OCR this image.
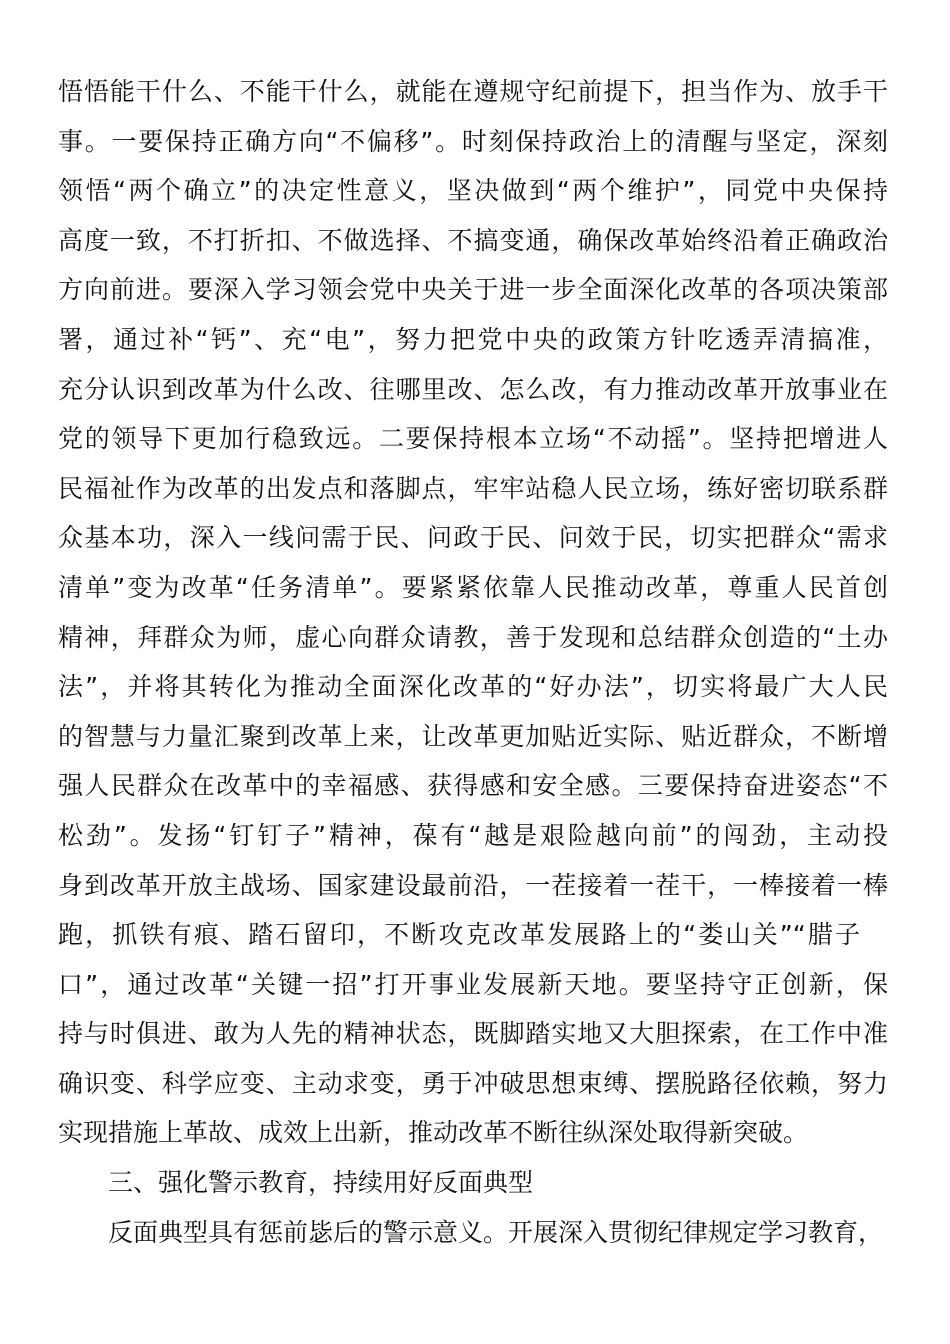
悟悟能干什么、不能干什么，就能在遵规守纪前提下，担当作为、放手干
事。一要保持正确方向“不偏移”。时刻保持政治上的清醒与坚定，深刻
领悟“两个确立”的决定性意义，坚决做到“两个维护”，同党中央保持
高度一致，不打折扣、不做选择、不搞变通，确保改革始终沿着正确政治
方向前进。要深入学习领会党中央关于进一步全面深化改革的各项决策部
署，通过补“钙”、充“电”，努力把党中央的政策方针吃透弄清搞准，
充分认识到改革为什么改、往哪里改、怎么改，有力推动改革开放事业在
党的领导下更加行稳致远。二要保持根本立场“不动摇”。坚持把增进人
民福祉作为改革的出发点和落脚点，牢牢站稳人民立场，练好密切联系群
众基本功，深入一线问需于民、问政于民、问效于民，切实把群众“需求
清单”变为改革“任务清单”。要紧紧依靠人民推动改革，尊重人民首创
精神，拜群众为师，虚心向群众请教，善于发现和总结群众创造的“土办
法”，并将其转化为推动全面深化改革的“好办法”，切实将最广大人民
的智慧与力量汇聚到改革上来，让改革更加贴近实际、贴近群众，不断增
强人民群众在改革中的幸福感、获得感和安全感。三要保持奋进姿态“不
松劲”。发扬“钉钉子”精神，葆有“越是艰险越向前”的闯劲，主动投
身到改革开放主战场、国家建设最前沿，一茬接着一茬干，一棒接着一棒
跑，抓铁有痕、踏石留印，不断攻克改革发展路上的“娄山关”“腊子
口”，通过改革“关键一招”打开事业发展新天地。要坚持守正创新，保
持与时俱进、敢为人先的精神状态，既脚踏实地又大胆探索，在工作中准
确识变、科学应变、主动求变，勇于冲破思想束缚、摆脱路径依赖，努力
实现措施上革故、成效上出新，推动改革不断往纵深处取得新突破。
三、强化警示教育，持续用好反面典型
反面典型具有惩前毖后的警示意义。开展深入贯彻纪律规定学习教育，
